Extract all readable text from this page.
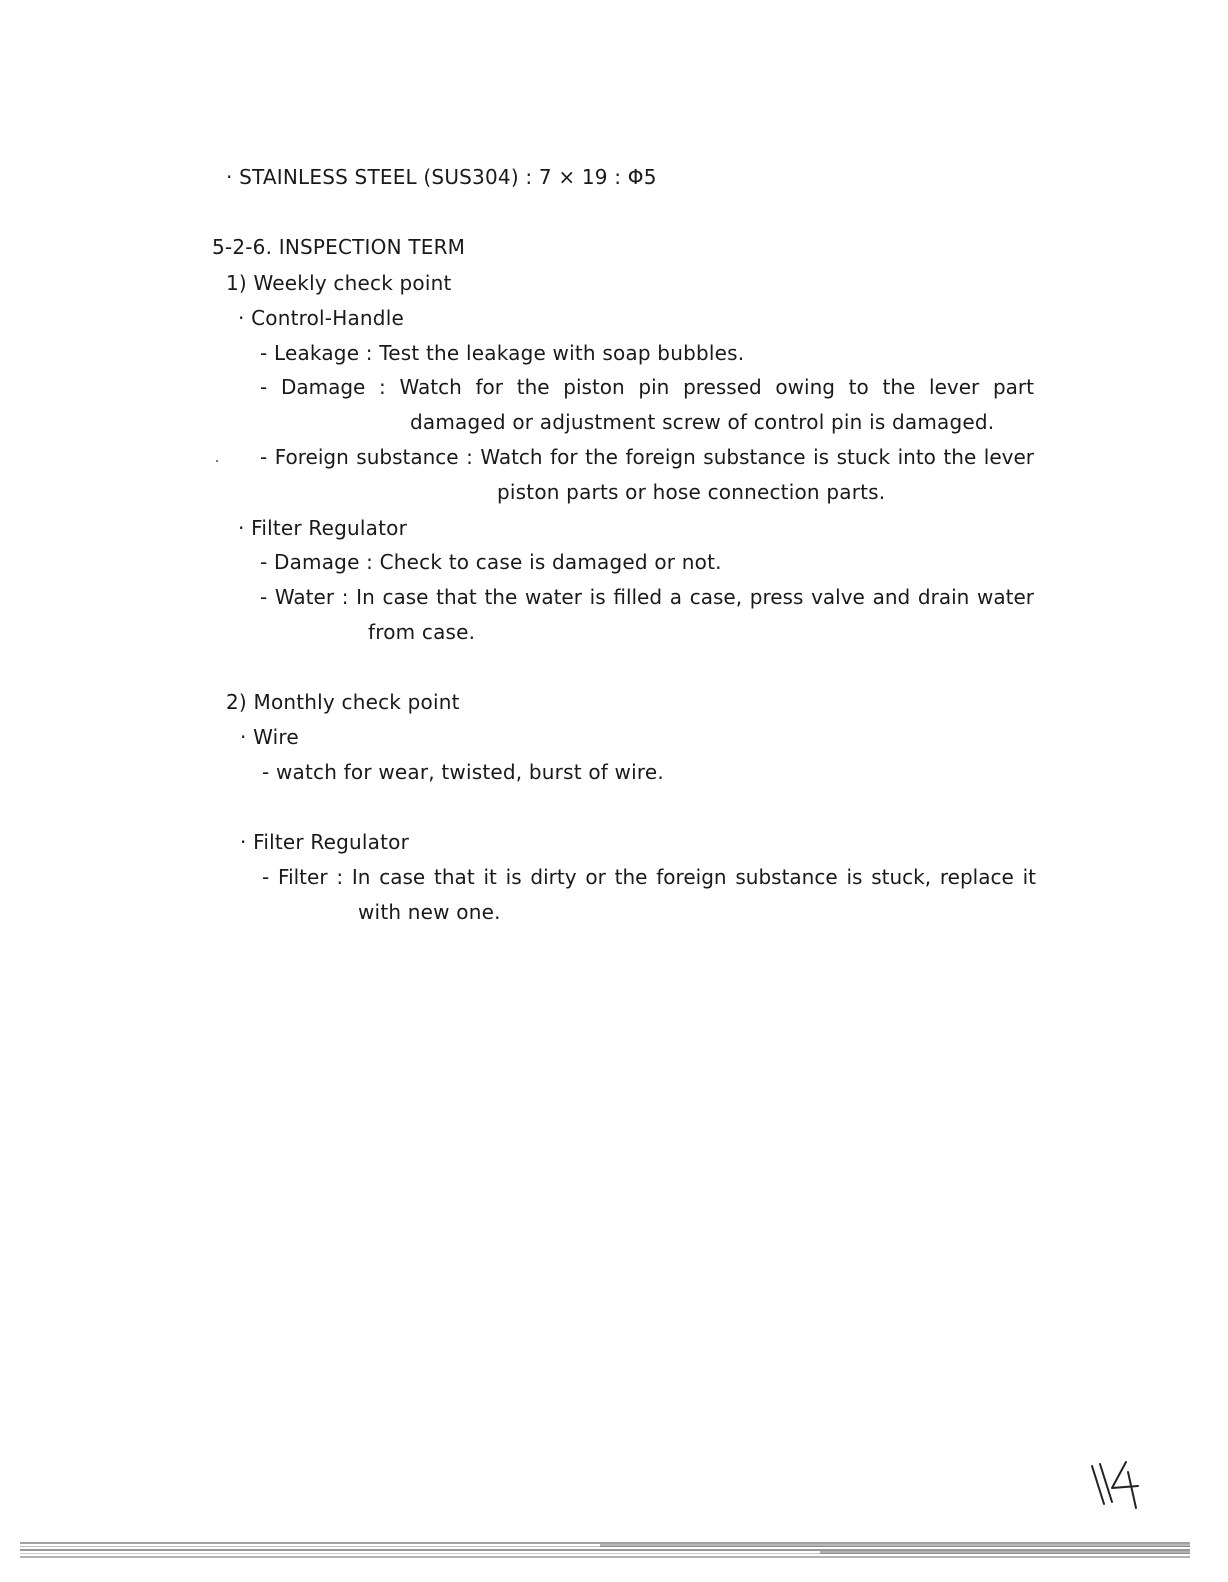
· STAINLESS STEEL (SUS304) : 7 × 19 : Φ5
5-2-6. INSPECTION TERM
1) Weekly check point
· Control-Handle
- Leakage : Test the leakage with soap bubbles.
- Damage : Watch for the piston pin pressed owing to the lever part
damaged or adjustment screw of control pin is damaged.
- Foreign substance : Watch for the foreign substance is stuck into the lever
piston parts or hose connection parts.
· Filter Regulator
- Damage : Check to case is damaged or not.
- Water : In case that the water is filled a case, press valve and drain water
from case.
2) Monthly check point
· Wire
- watch for wear, twisted, burst of wire.
· Filter Regulator
- Filter : In case that it is dirty or the foreign substance is stuck, replace it
with new one.
